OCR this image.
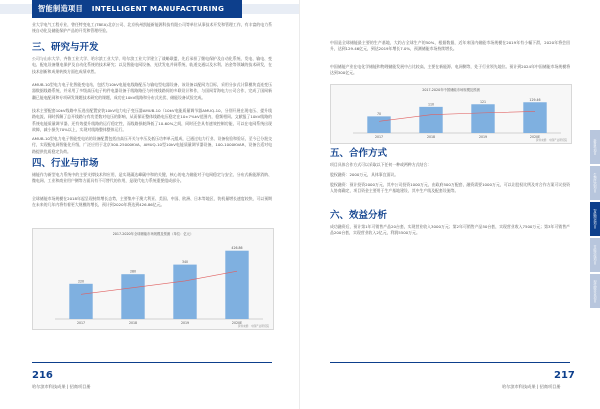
智能制造项目 INTELLIGENT MANUFACTURING
业大学电气工程专业，曾任特变电工(TBEA)北京公司、北京杭州凯能新能源科技有限公司等单位从事技术开发和管理工作，有丰富的电力系统自动化及储能保护产品的开发和管理经验。
三、研究与开发
公司与山东大学、齐鲁工业大学、哈尔滨工业大学、哈尔滨工业大学建立了战略联盟，先后承担了继电保护及自动化系统、发电、输电、变电、配电设备继电保护及自动化系统的技术研究；以及智能电网设备、光伏发电并网系统、轨道交通以及水利、冶金等领域的技术研发，在技术创新和成果转换方面也成绩卓然。
AMUB-10型电力电子化智能变电站，包括为10kV电能电线路配压与输电型电器设备，该设备以配网为目标，采用分步式计算模块直连变压器数据线路系统，并采用了多级高压电子构件电器设备于线路路径与传统线路间的多联设计和作，与国网青海电力公司合作，完成了国网新疆已能电配网和专项研发课题技术研究的课题，成功在10kV线路和分布式光伏、储能设备试验完成。
技术主要配套10kV线路中压进出配置安装10kV电力电子变压器AMUB-10（10kV电能质量调节器AMUQ-10，分别开展在现电压、提升线路电流，同时拆解了总开线路与有功差数对电压的影响，从而保证整体线路电压稳定在10±7%kV范围内，稳频相同。文献报了10kV线路的系统电能质量调节器，还有效提升线路的运行稳定性，而线路损耗降低了10-60%之间，同时还会具有速效控制功能，可以在电网系统出现故障，减小损失70%以上，实现对线路整体整体运行。
AMUB-10型电力电子智能变电站的设备配置包括由高压开关与中压及低压功率单元组成，已通过电力行业、设备检验和验证，至今已分批交付，实现配电网智能化升级，广泛应用于北京500-25000KVA、AMUQ-10型10kV电能质量调节器设备，100-1000KVAR，设备合适对电路提供优质稳定负荷。
四、行业与市场
储能作为新型电力系统中的主要支撑技术和应用，是实现碳达峰碳中和的关键，核心的电力储能对于电网稳定与安全、分布式新能源消纳、微电网、工业和商业用户侧等方面具有不可替代的作用，是现代电力系统重要组成部分。
全球储能市场规模在2018年起呈现持续增长态势，主要集中于澳大利亚、美国、中国、欧洲、日本等地区，装机量增长速度较快，可以预期在未来的几年内将有着更大规模的增长，预计到2020年将达到426.86亿元。
2017-2020年全球储能市场规模及预测（单位：亿元）
220
2017
280
2018
340
2019
426.86
2020E
资料来源：中商产业研究院
216
哈尔滨市科技成果 | 招商项目册
中国是全球储能最主要的生产基地，大约占全球生产的50%，根据数据，近年来国内储能市场规模在2019年有小幅下滑，2020年将会回升，达到129.46亿元，到达2019年增长7.0%，预测储能市场持续增长。
中国储能产业在电化学储能和物理储能发展中占比较高，主要在新能源、电网侧等，处于行业领先地位。预计到2024年中国储能市场规模将达到300亿元。
2017-2020年中国储能市场规模及预测
70
2017
110
2018
121
2019
129.46
2020E
资料来源：中商产业研究院
五、合作方式
项目具体合作方式可以采取以下任何一种或两种方式结合：
股权融资：2000万元，具体事宜面议。
股权融资：预计投资2000万元，其中公司投资1000万元，由政府500万配套，融资需要1000万元，可以让股权比例及对合作方案可议投资人协商确定，项目资金主要用于生产基地建设、其中生产线及配套设施等。
六、效益分析
成功融资后，预计第1年可销售产品20台套，实现营业收入3000万元；第2年可销售产品50台套，实现营业收入7500万元；第3年可销售产品200台套，实现营业收入2亿元，利润5500万元。
217
哈尔滨市科技成果 | 招商项目册
新材料项目
生物医药项目
智能制造项目
节能环保项目
现代服务业项目
